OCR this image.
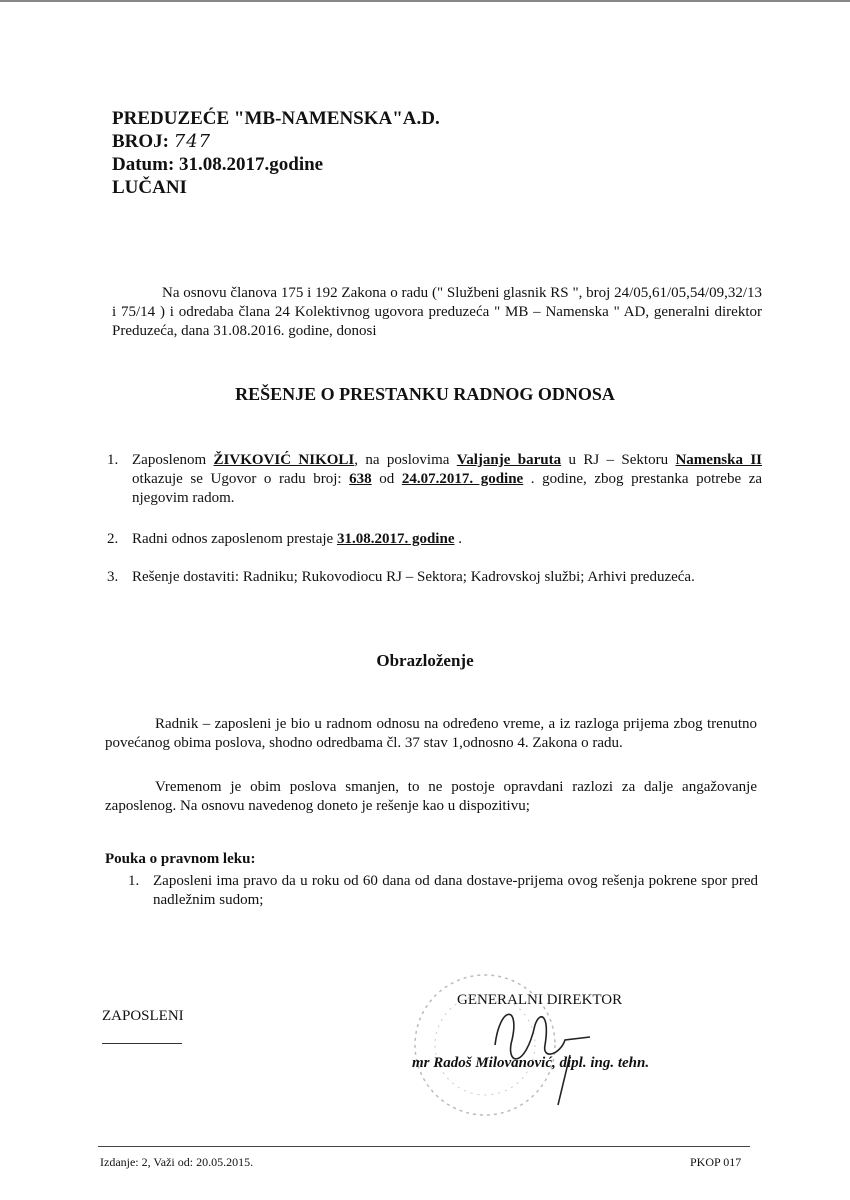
PREDUZEĆE "MB-NAMENSKA"A.D.
BROJ: 747
Datum: 31.08.2017.godine
LUČANI
Na osnovu članova 175 i 192 Zakona o radu (" Službeni glasnik RS ", broj 24/05,61/05,54/09,32/13 i 75/14 ) i odredaba člana 24 Kolektivnog ugovora preduzeća " MB – Namenska " AD, generalni direktor Preduzeća, dana 31.08.2016. godine, donosi
REŠENJE O PRESTANKU RADNOG ODNOSA
1. Zaposlenom ŽIVKOVIĆ NIKOLI, na poslovima Valjanje baruta u RJ – Sektoru Namenska II otkazuje se Ugovor o radu broj: 638 od 24.07.2017. godine . godine, zbog prestanka potrebe za njegovim radom.
2. Radni odnos zaposlenom prestaje 31.08.2017. godine .
3. Rešenje dostaviti: Radniku; Rukovodiocu RJ – Sektora; Kadrovskoj službi; Arhivi preduzeća.
Obrazloženje
Radnik – zaposleni je bio u radnom odnosu na određeno vreme, a iz razloga prijema zbog trenutno povećanog obima poslova, shodno odredbama čl. 37 stav 1,odnosno 4. Zakona o radu.
Vremenom je obim poslova smanjen, to ne postoje opravdani razlozi za dalje angažovanje zaposlenog. Na osnovu navedenog doneto je rešenje kao u dispozitivu;
Pouka o pravnom leku:
1. Zaposleni ima pravo da u roku od 60 dana od dana dostave-prijema ovog rešenja pokrene spor pred nadležnim sudom;
ZAPOSLENI
GENERALNI DIREKTOR
mr Radoš Milovanović, dipl. ing. tehn.
Izdanje: 2, Važi od: 20.05.2015.	PKOP 017
